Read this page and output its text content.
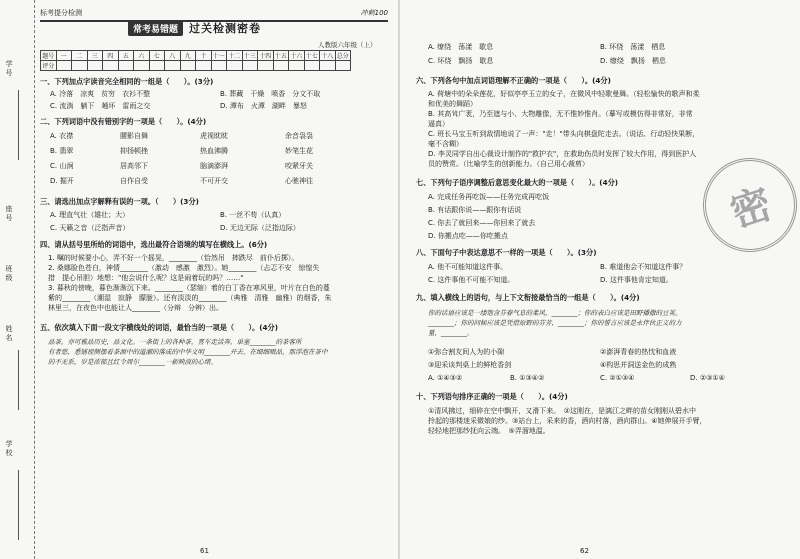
学号
座号
班级
姓名
学校
标考提分检测	冲刺100
常考易错题	过关检测密卷
人教版六年级（上）
题号	一	二	三	四	五	六	七	八	九	十	十一	十二	十三	十四	十五	十六	十七	十八	总分
评分																			
一、下列加点字读音完全相同的一组是（　　）。(3分)
A. 冷落　凉爽　贫穷　衣衫不整	B. 葬藏　干燥　喷香　分文不取
C. 流淌　躺下　趟坏　雷雨之交	D. 潭布　火潭　湖畔　暴怒
二、下列词语中没有错别字的一项是（　　）。(4分)
A. 衣襟	腰影自舞	虎视眈眈	余音袅袅
B. 翡翠	抑扬顿挫	热血沸腾	妙笔生花
C. 山涧	居高邻下	脑滴澎湃	咬紧牙关
D. 掘开	自作自受	不可开交	心驰神往
三、请选出加点字解释有误的一项。（　　）(3分)
A. 理直气壮（雄壮；大）	B. 一丝不苟（认真）
C. 天籁之音（泛指声音）	D. 无边无际（泛指边际）
四、请从括号里所给的词语中，选出最符合语境的填写在横线上。(6分)
1. 嘱的时候要小心，弄不好一个摇晃，________（恰然吊　摔跌尽　前仆后掷）。
2. 桑娜脸色苍白，神情________（激动　感激　激烈）。她________（忐忑不安　惊惶失
措　提心吊胆）地想："他会说什么呢？这是闹着玩的吗？……"
3. 暮秋的傍晚，暮色渐渐沉下来。________（瑟缩）着的白丁香在寒风里，叶片在白色的蔓
紫的________（潮湿　寂静　朦胧）。还有淡淡的________（典雅　清雅　幽雅）的烟香，朱
林里三，在夜色中也能让人________（分辩　分辨）出。
五、依次填入下面一段文字横线处的词语，最恰当的一项是（　　）。(4分)
品茶，亦可雅品历史，品文化。一条街上的各种茶，喜车走活奔，单塞________的茶客所
有者悠，悉铺视侧摆着茶源中的道潮的落成的中华文明________开去。在细细啜品，那浮泡在茶中
的不无系，岁是浓郁且红令周尔________一新映淡的心绪。
61
A. 缭绕　荡漾　歇息	B. 环绕　荡漾　栖息
C. 环绕　飘扬　歇息	D. 缭绕　飘扬　栖息
六、下列各句中加点词语理解不正确的一项是（　　）。(4分)
A. 荷塘中的朵朵莲花，好似亭亭玉立的女子，在微风中轻歌曼舞。（轻松愉快的歌声和柔
和优美的舞蹈）
B. 其高耸广袤，乃至遮与小、大物雕像，无不惟妙惟肖。（摹写或模仿得非常好，非常
逼真）
C. 班长马宝玉听到敌情地说了一声："走！"带头向棋盘陀走去。（说话、行动轻快果断，
毫不含糊）
D. 李灵同学自出心裁设计制作的"救护衣"，在救助伤员时发挥了较大作用，得到医护人
员的赞赏。（比喻学生的创新能力。（自己用心裁剪）
七、下列句子语序调整后意思变化最大的一项是（　　）。(4分)
A. 完成任务再吃饭——任务完成再吃饭
B. 有话跟你说——跟你有话说
C. 你去了就回来——你回来了就去
D. 你搬点吃——你吃搬点
八、下面句子中表达意思不一样的一项是（　　）。(3分)
A. 他不可能知道这件事。	B. 难道他会不知道这件事？
C. 这件事他不可能不知道。	D. 这件事他肯定知道。
九、填入横线上的语句，与上下文衔接最恰当的一组是（　　）。(4分)
你的话语应该是一缕饱含芬春气息的柔风，________；你的表白应该是田野播撒的豆荚，
________；你的问候应该是凭借原野的芬芳，________；你的誓言应该是永伴伙正义的力
量，________。
①弥合割友间人为的小隙	②澎湃青春的热忱和血液
③迎采谈判桌上的鲜枪香剑	④构思并洞送金色的成熟
A. ①④③②	B. ①③④②	C. ②①③④	D. ②③①④
十、下列语句排序正确的一项是（　　）。(4分)
①清风拂过，细碎在空中飘开，又滑下来。　②这刚在，是漓江之畔的苗女刚刚从碧水中
拎起的那楼迷采微娘的纱。③站台上，采来的香，酒向村落，酒向群山。④她伸展开手臂，
轻轻地把那纱抚向云端。　⑤弄溜地温。
62
密
